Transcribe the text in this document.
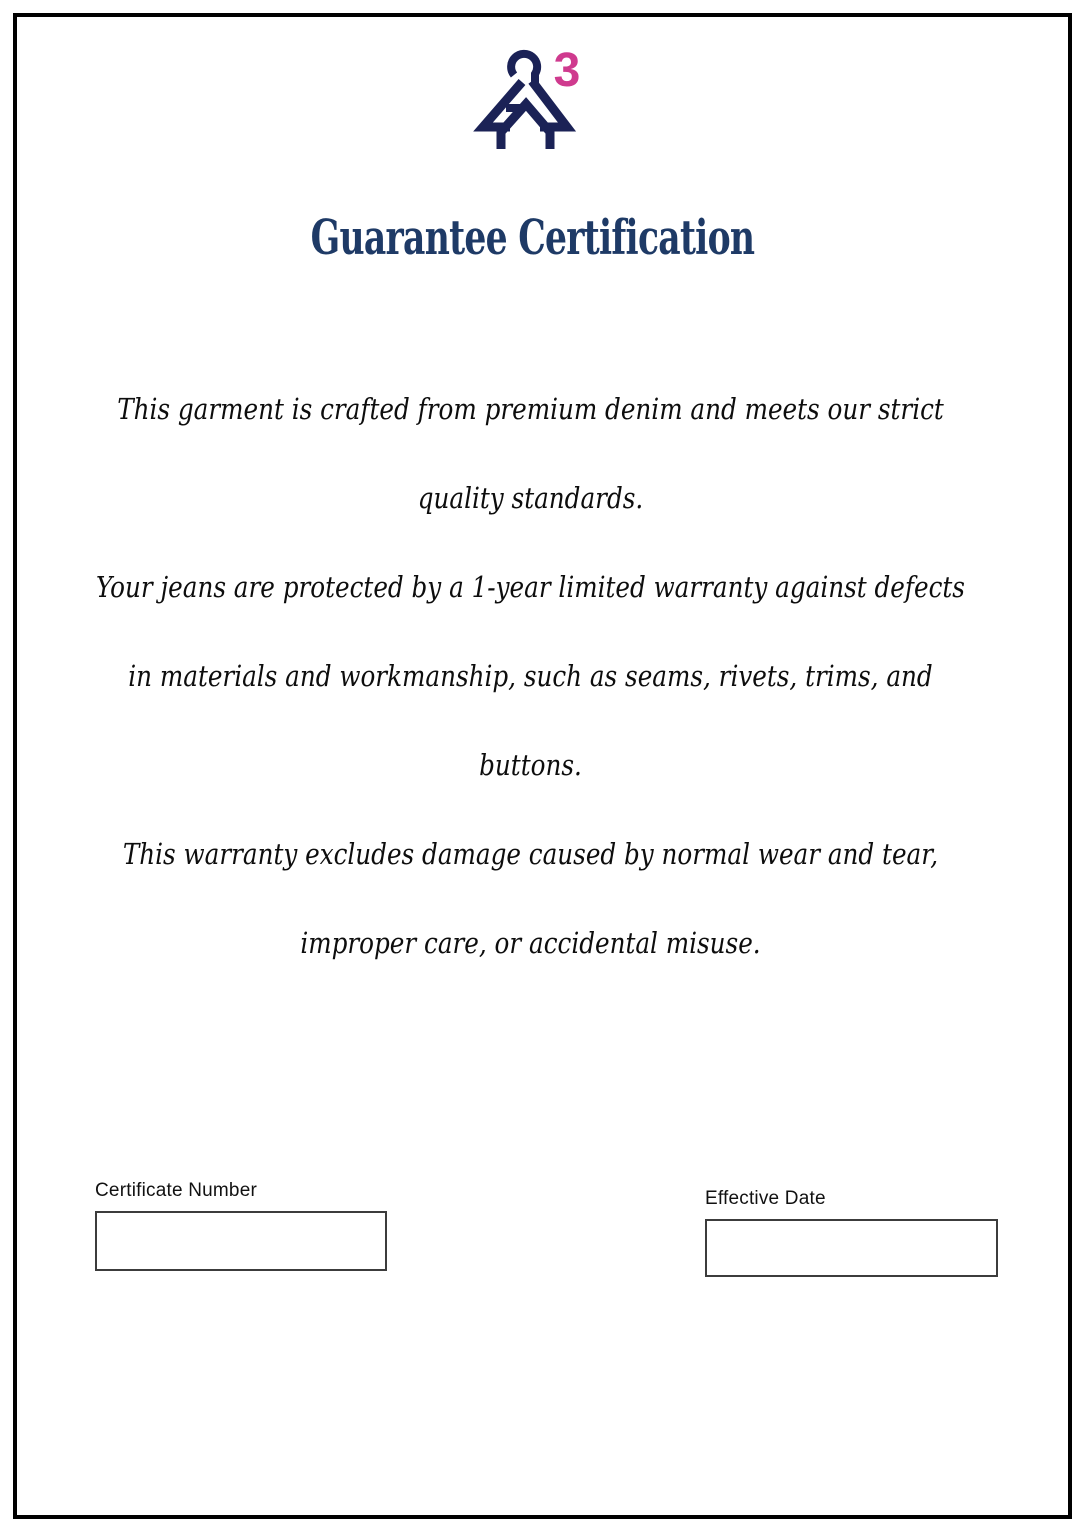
3
Guarantee Certification
This garment is crafted from premium denim and meets our strict
quality standards.
Your jeans are protected by a 1-year limited warranty against defects
in materials and workmanship, such as seams, rivets, trims, and
buttons.
This warranty excludes damage caused by normal wear and tear,
improper care, or accidental misuse.
Certificate Number	Effective Date
